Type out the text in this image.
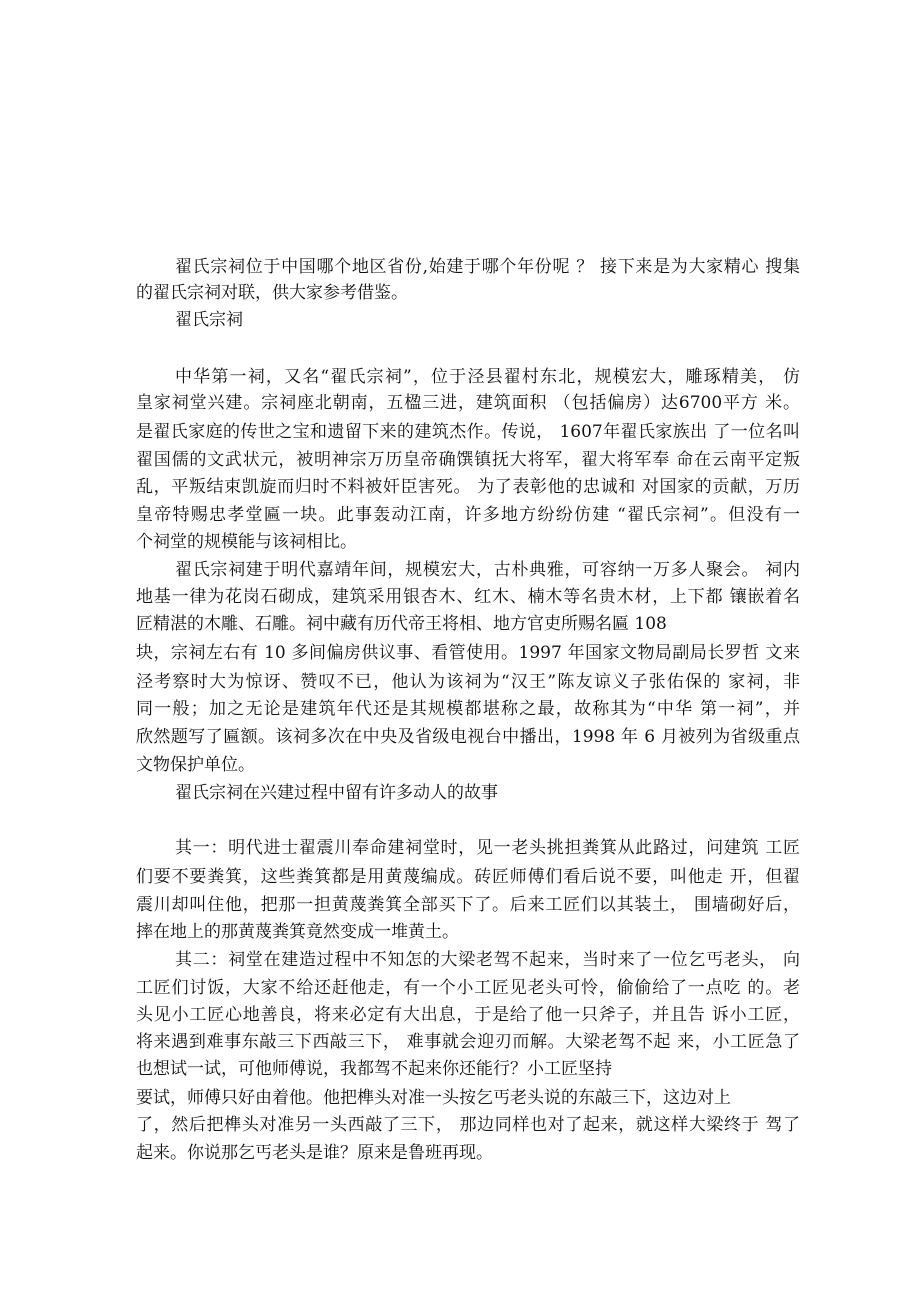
翟氏宗祠位于中国哪个地区省份,始建于哪个年份呢 ？ 接下来是为大家精心 搜集
的翟氏宗祠对联，供大家参考借鉴。
翟氏宗祠
中华第一祠，又名“翟氏宗祠”，位于泾县翟村东北，规模宏大，雕琢精美， 仿
皇家祠堂兴建。宗祠座北朝南，五楹三进，建筑面积 （包括偏房）达6700平方 米。
是翟氏家庭的传世之宝和遗留下来的建筑杰作。传说， 1607年翟氏家族出 了一位名叫
翟国儒的文武状元，被明神宗万历皇帝确馔镇抚大将军，翟大将军奉 命在云南平定叛
乱，平叛结束凯旋而归时不料被奸臣害死。 为了表彰他的忠诚和 对国家的贡献，万历
皇帝特赐忠孝堂匾一块。此事轰动江南，许多地方纷纷仿建 “翟氏宗祠”。但没有一
个祠堂的规模能与该祠相比。
翟氏宗祠建于明代嘉靖年间，规模宏大，古朴典雅，可容纳一万多人聚会。 祠内
地基一律为花岗石砌成，建筑采用银杏木、红木、楠木等名贵木材，上下都 镶嵌着名
匠精湛的木雕、石雕。祠中藏有历代帝王将相、地方官吏所赐名匾 108
块，宗祠左右有 10 多间偏房供议事、看管使用。1997 年国家文物局副局长罗哲 文来
泾考察时大为惊讶、赞叹不已，他认为该祠为“汉王”陈友谅义子张佑保的 家祠，非
同一般；加之无论是建筑年代还是其规模都堪称之最，故称其为“中华 第一祠”，并
欣然题写了匾额。该祠多次在中央及省级电视台中播出，1998 年 6 月被列为省级重点
文物保护单位。
翟氏宗祠在兴建过程中留有许多动人的故事
其一：明代进士翟震川奉命建祠堂时，见一老头挑担粪箕从此路过，问建筑 工匠
们要不要粪箕，这些粪箕都是用黄蔑编成。砖匠师傅们看后说不要，叫他走 开，但翟
震川却叫住他，把那一担黄蔑粪箕全部买下了。后来工匠们以其装土， 围墙砌好后，
摔在地上的那黄蔑粪箕竟然变成一堆黄土。
其二：祠堂在建造过程中不知怎的大梁老驾不起来，当时来了一位乞丐老头， 向
工匠们讨饭，大家不给还赶他走，有一个小工匠见老头可怜，偷偷给了一点吃 的。老
头见小工匠心地善良，将来必定有大出息，于是给了他一只斧子，并且告 诉小工匠，
将来遇到难事东敲三下西敲三下， 难事就会迎刃而解。大梁老驾不起 来，小工匠急了
也想试一试，可他师傅说，我都驾不起来你还能行？小工匠坚持
要试，师傅只好由着他。他把榫头对准一头按乞丐老头说的东敲三下，这边对上
了，然后把榫头对准另一头西敲了三下， 那边同样也对了起来，就这样大梁终于 驾了
起来。你说那乞丐老头是谁？原来是鲁班再现。
